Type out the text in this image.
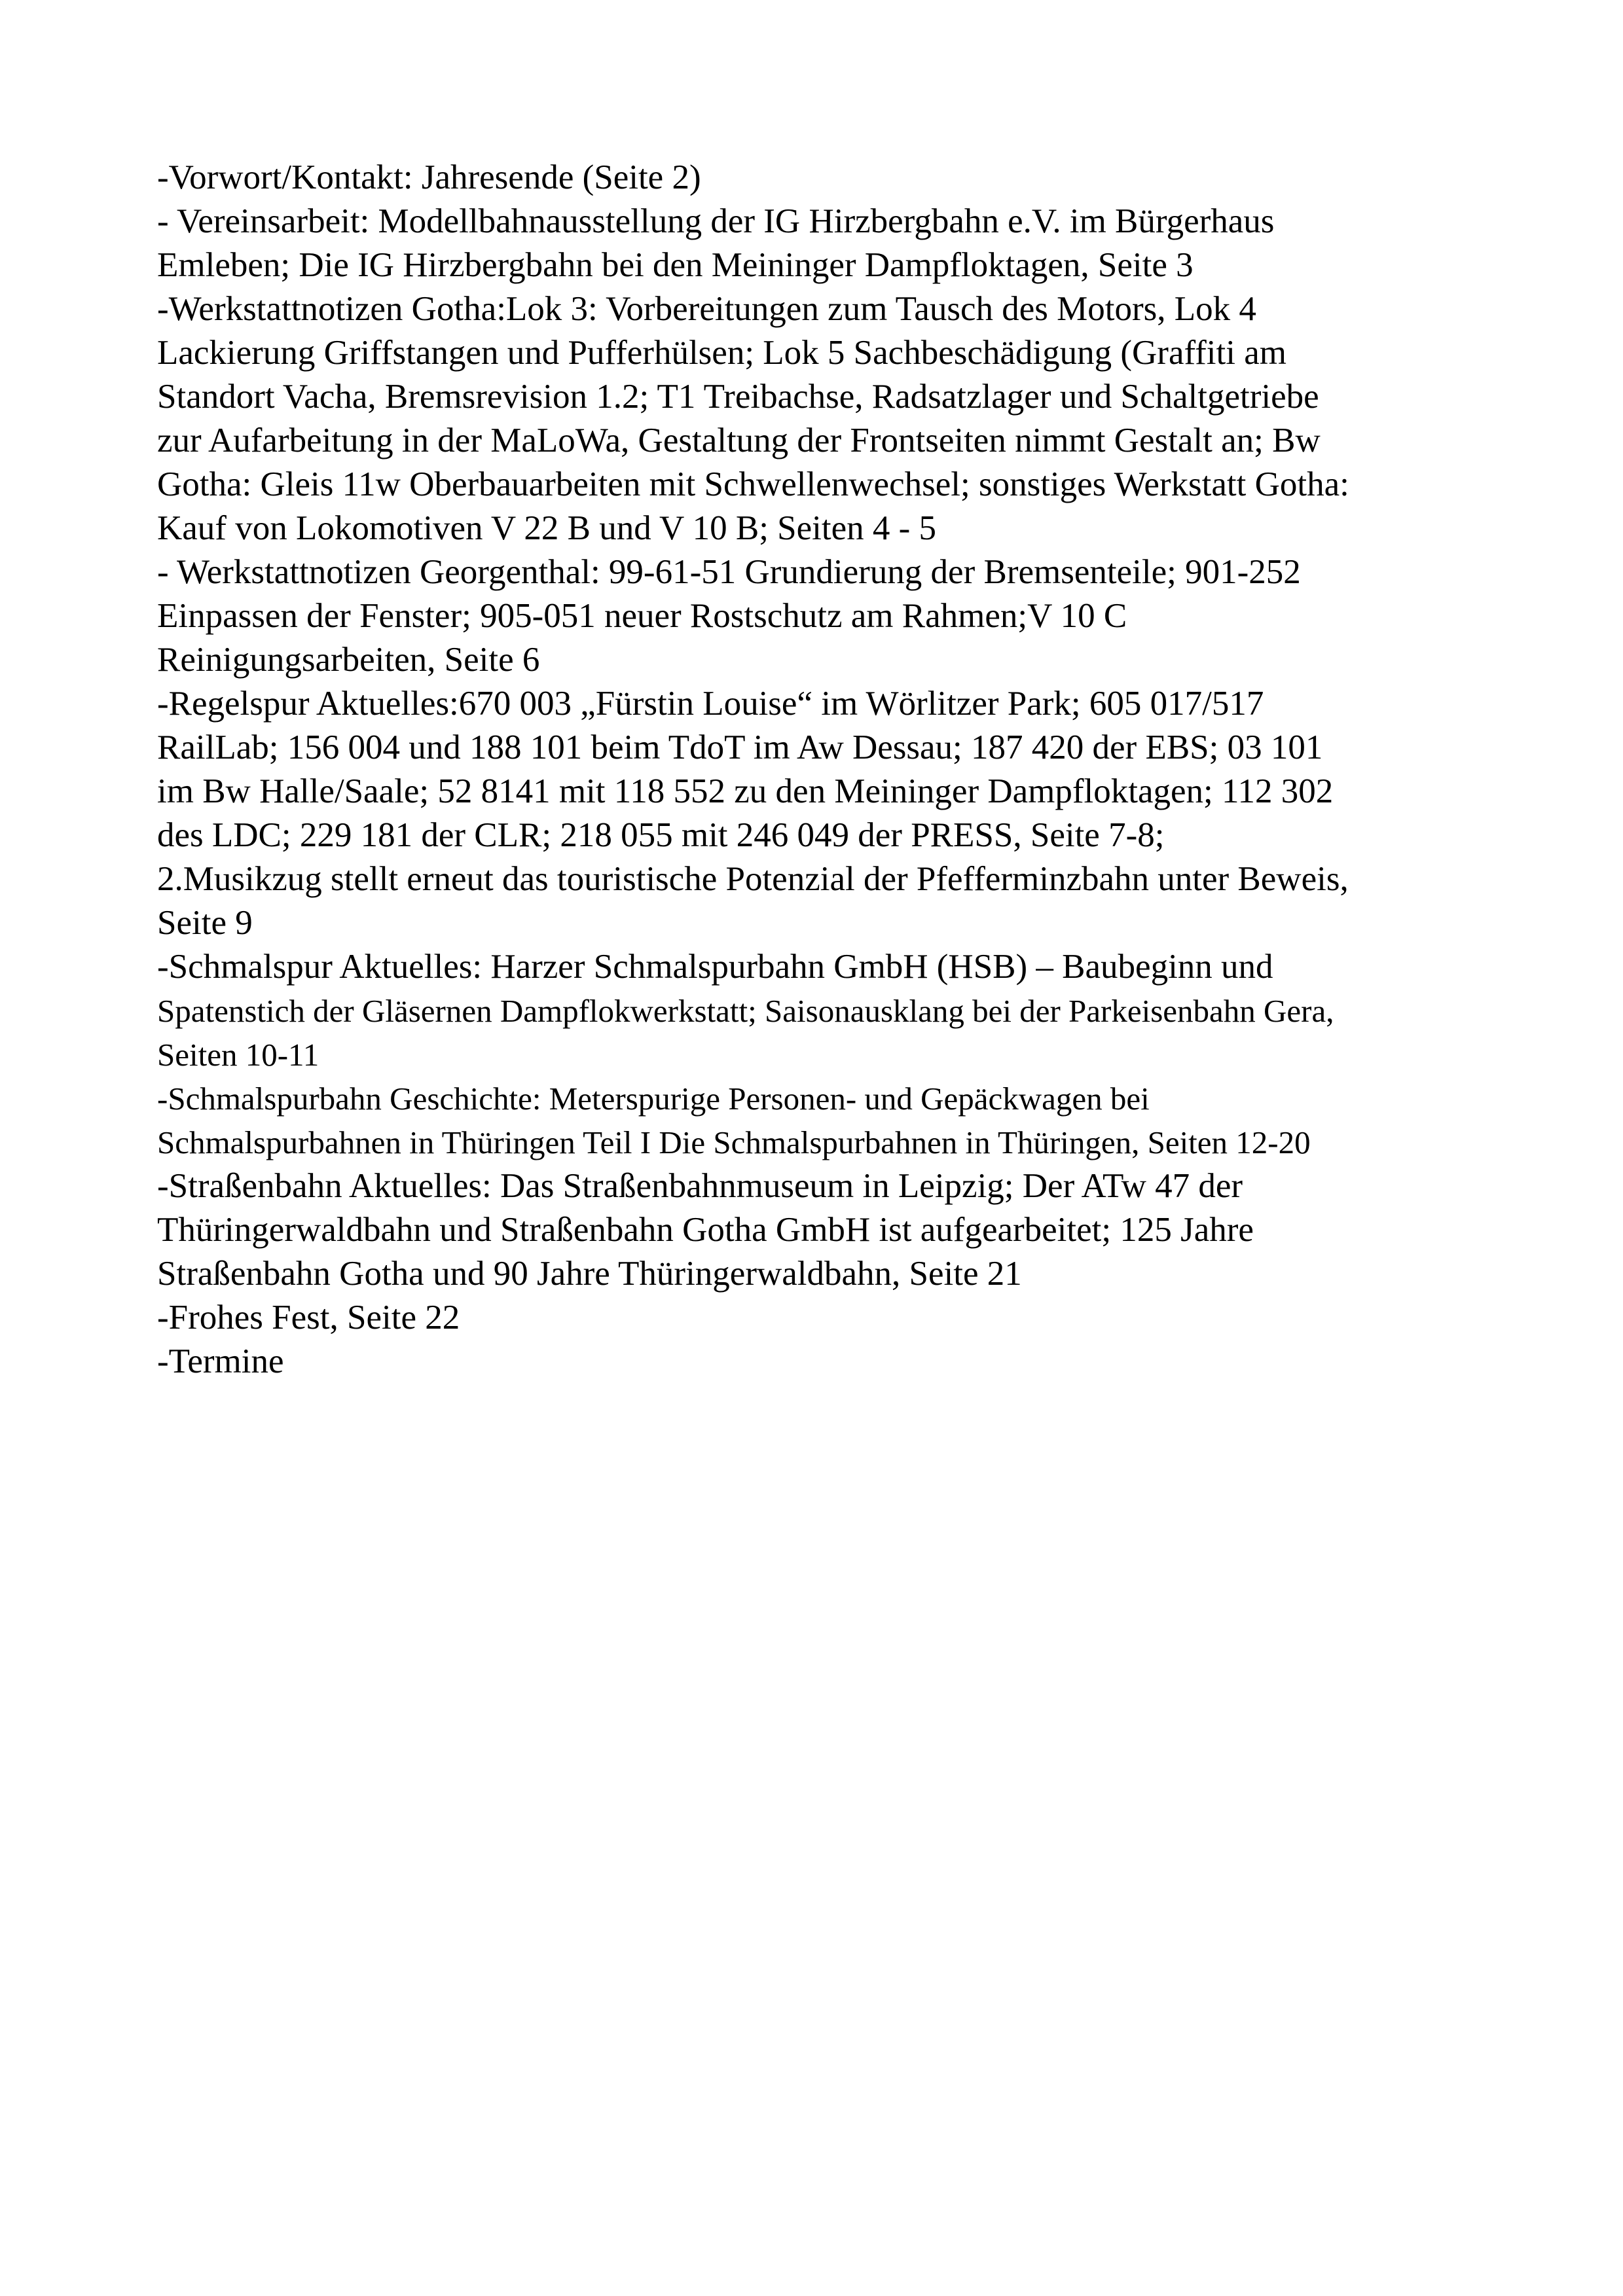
-Vorwort/Kontakt: Jahresende (Seite 2)
- Vereinsarbeit: Modellbahnausstellung der IG Hirzbergbahn e.V. im Bürgerhaus
Emleben; Die IG Hirzbergbahn bei den Meininger Dampfloktagen, Seite 3
-Werkstattnotizen Gotha:Lok 3: Vorbereitungen zum Tausch des Motors, Lok 4
Lackierung Griffstangen und Pufferhülsen; Lok 5 Sachbeschädigung (Graffiti am
Standort Vacha, Bremsrevision 1.2; T1 Treibachse, Radsatzlager und Schaltgetriebe
zur Aufarbeitung in der MaLoWa, Gestaltung der Frontseiten nimmt Gestalt an; Bw
Gotha: Gleis 11w Oberbauarbeiten mit Schwellenwechsel; sonstiges Werkstatt Gotha:
Kauf von Lokomotiven V 22 B und V 10 B; Seiten 4 - 5
- Werkstattnotizen Georgenthal: 99-61-51 Grundierung der Bremsenteile; 901-252
Einpassen der Fenster; 905-051 neuer Rostschutz am Rahmen;V 10 C
Reinigungsarbeiten, Seite 6
-Regelspur Aktuelles:670 003 „Fürstin Louise“ im Wörlitzer Park; 605 017/517
RailLab; 156 004 und 188 101 beim TdoT im Aw Dessau; 187 420 der EBS; 03 101
im Bw Halle/Saale; 52 8141 mit 118 552 zu den Meininger Dampfloktagen; 112 302
des LDC; 229 181 der CLR; 218 055 mit 246 049 der PRESS, Seite 7-8;
2.Musikzug stellt erneut das touristische Potenzial der Pfefferminzbahn unter Beweis,
Seite 9
-Schmalspur Aktuelles: Harzer Schmalspurbahn GmbH (HSB) – Baubeginn und
Spatenstich der Gläsernen Dampflokwerkstatt; Saisonausklang bei der Parkeisenbahn Gera,
Seiten 10-11
-Schmalspurbahn Geschichte: Meterspurige Personen- und Gepäckwagen bei
Schmalspurbahnen in Thüringen Teil I Die Schmalspurbahnen in Thüringen, Seiten 12-20
-Straßenbahn Aktuelles: Das Straßenbahnmuseum in Leipzig; Der ATw 47 der
Thüringerwaldbahn und Straßenbahn Gotha GmbH ist aufgearbeitet; 125 Jahre
Straßenbahn Gotha und 90 Jahre Thüringerwaldbahn, Seite 21
-Frohes Fest, Seite 22
-Termine
